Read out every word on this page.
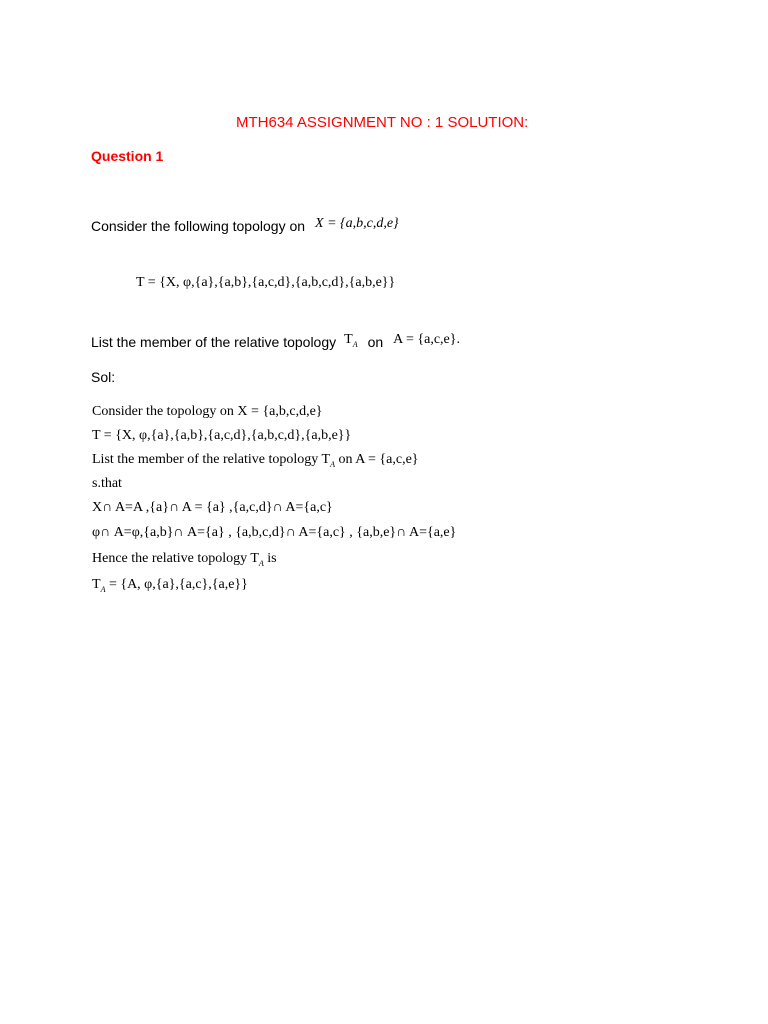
MTH634 ASSIGNMENT NO : 1 SOLUTION:
Question 1
Consider the following topology on X = {a,b,c,d,e}
T = {X, φ,{a},{a,b},{a,c,d},{a,b,c,d},{a,b,e}}
List the member of the relative topology $T_A$ on A = {a,c,e}.
Sol:
Consider the topology on X = {a,b,c,d,e}
T = {X, φ,{a},{a,b},{a,c,d},{a,b,c,d},{a,b,e}}
List the member of the relative topology $T_A$ on A = {a,c,e}
s.that
X∩ A=A ,{a}∩ A = {a} ,{a,c,d}∩ A={a,c}
φ∩ A=φ,{a,b}∩ A={a} , {a,b,c,d}∩ A={a,c} , {a,b,e}∩ A={a,e}
Hence the relative topology $T_A$ is
$T_A = \{A$, φ,{a},{a,c},{a,e}}
